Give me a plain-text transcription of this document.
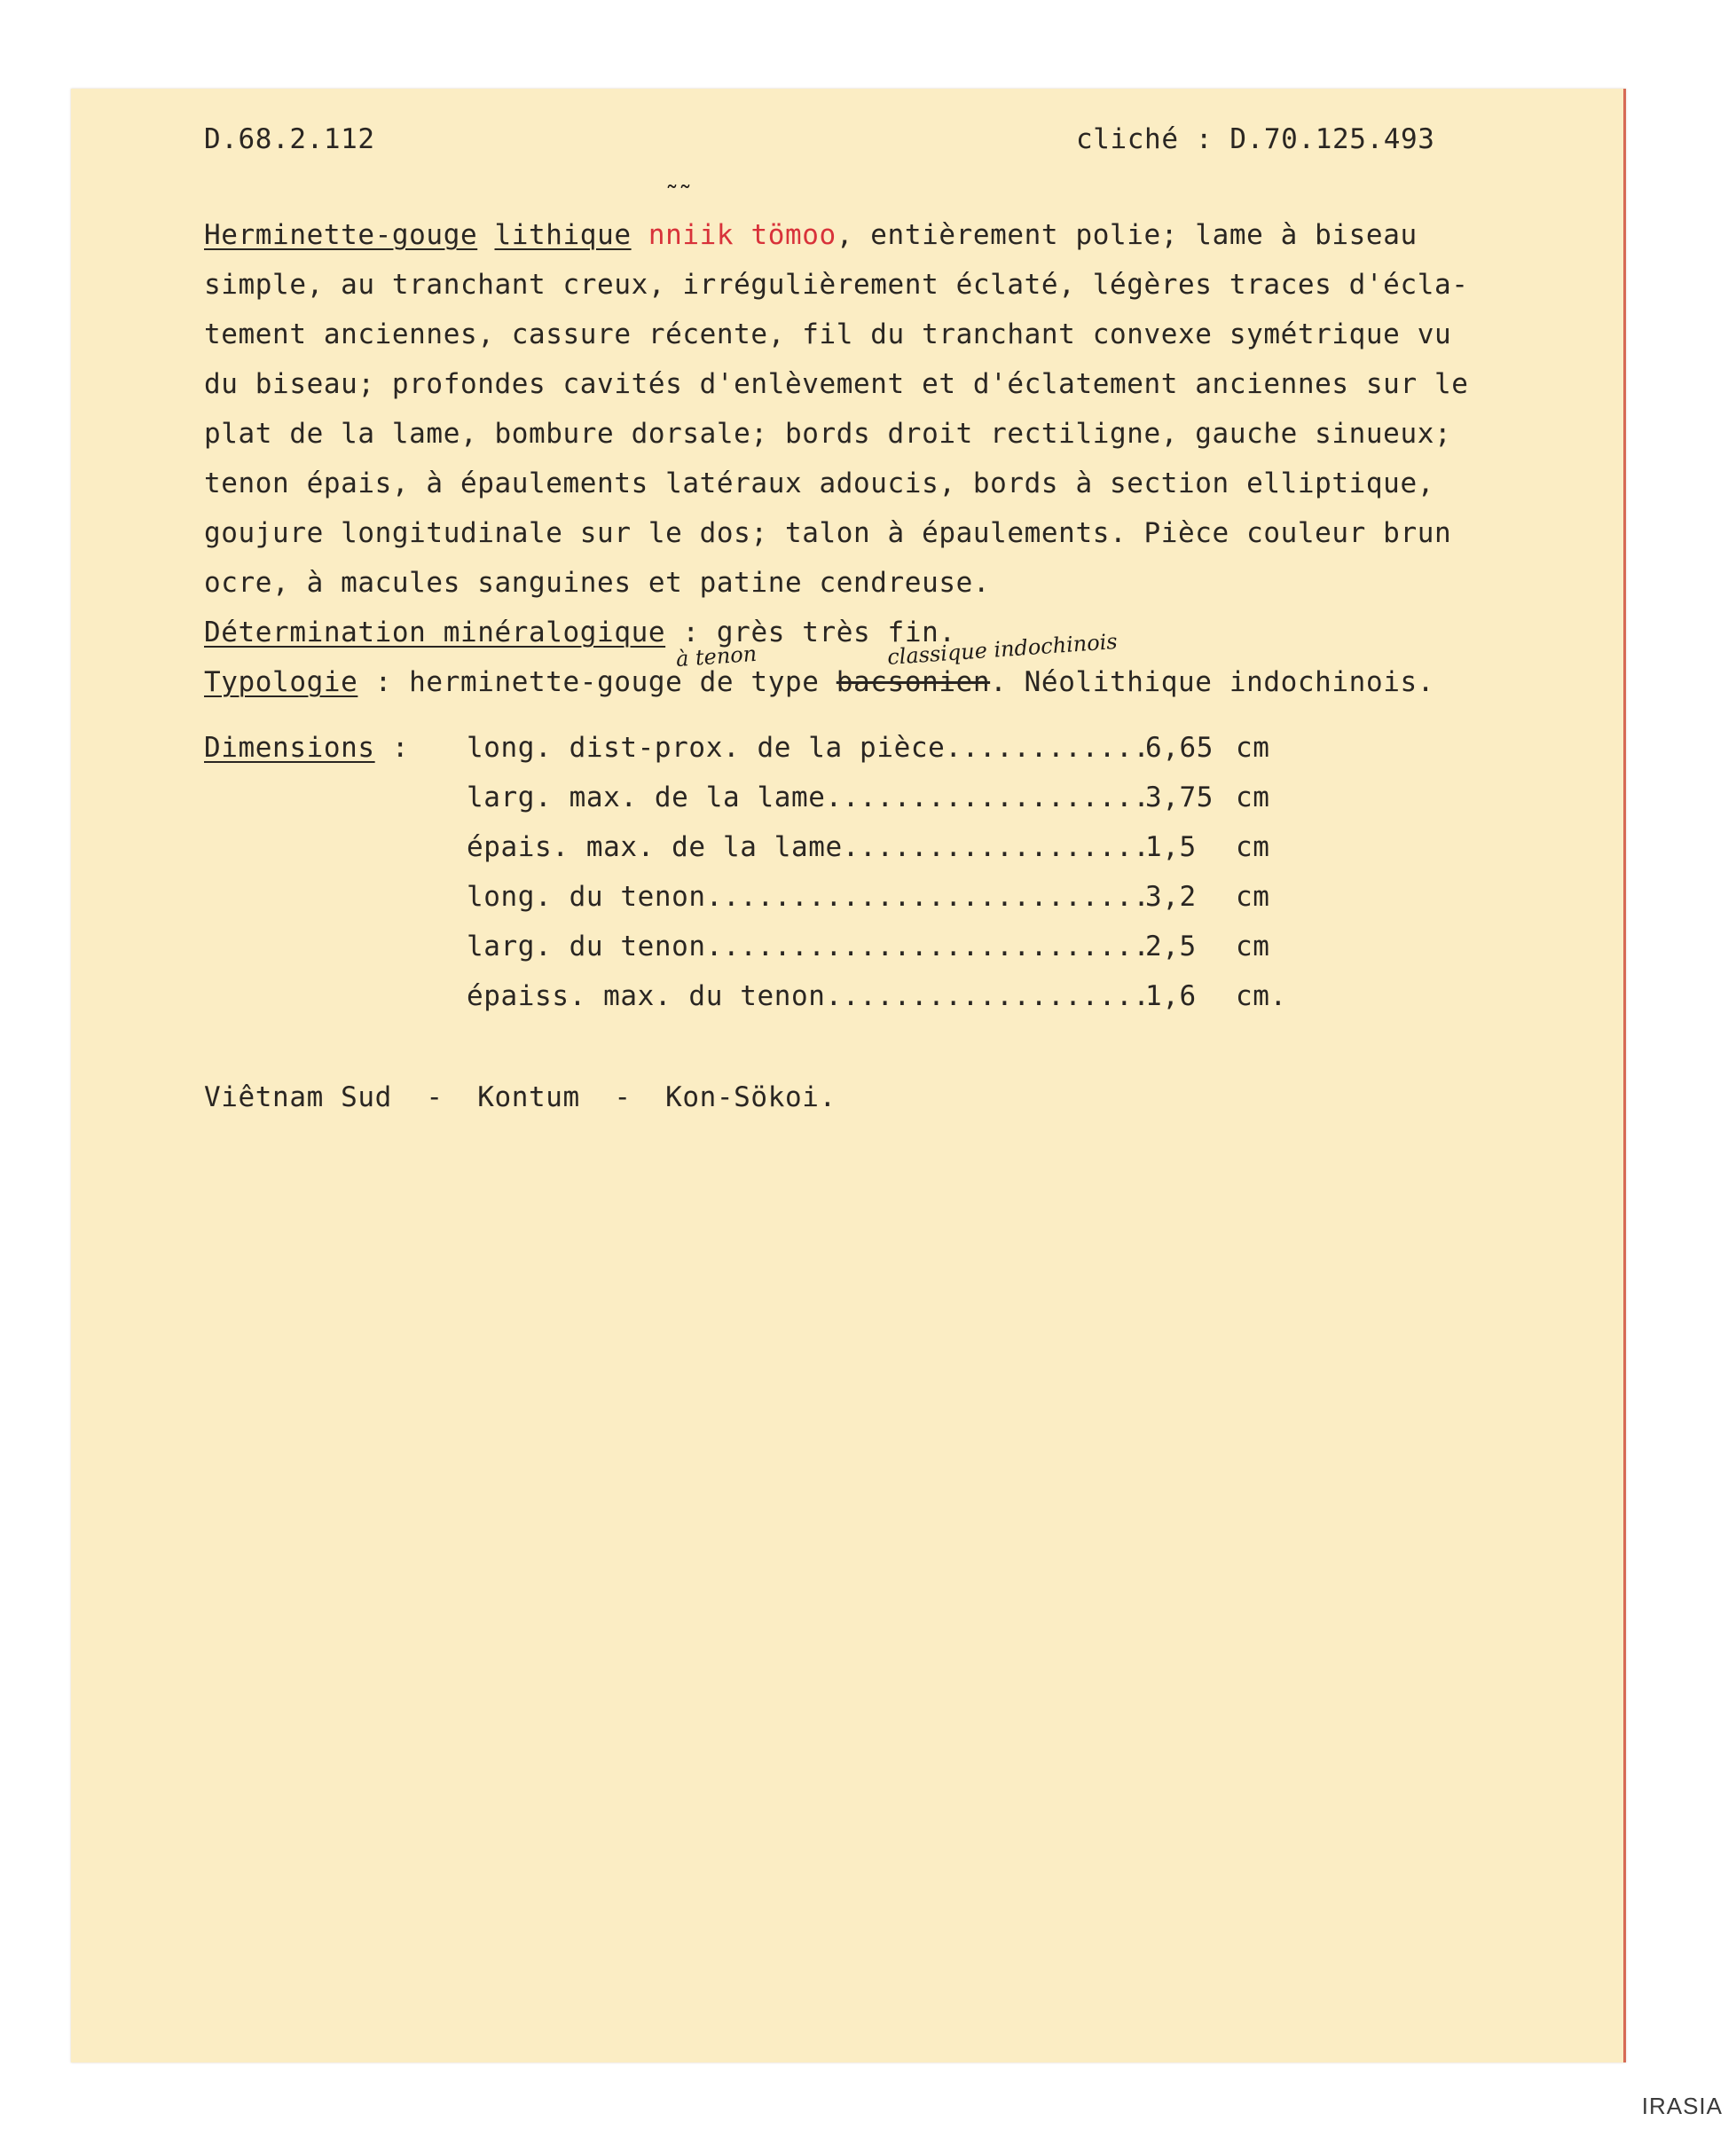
D.68.2.112	cliché : D.70.125.493
˜˜
Herminette-gouge lithique nniik tömoo, entièrement polie; lame à biseau
simple, au tranchant creux, irrégulièrement éclaté, légères traces d'écla-
tement anciennes, cassure récente, fil du tranchant convexe symétrique vu
du biseau; profondes cavités d'enlèvement et d'éclatement anciennes sur le
plat de la lame, bombure dorsale; bords droit rectiligne, gauche sinueux;
tenon épais, à épaulements latéraux adoucis, bords à section elliptique,
goujure longitudinale sur le dos; talon à épaulements. Pièce couleur brun
ocre, à macules sanguines et patine cendreuse.
Détermination minéralogique : grès très fin.
à tenon	classique indochinois
Typologie : herminette-gouge de type bacsonien. Néolithique indochinois.
Dimensions : long. dist-prox. de la pièce............
6,65 cm
larg. max. de la lame...................
3,75 cm
épais. max. de la lame..................
1,5 cm
long. du tenon..........................
3,2 cm
larg. du tenon..........................
2,5 cm
épaiss. max. du tenon...................
1,6 cm.
Viêtnam Sud  -  Kontum  -  Kon-Sökoi.
IRASIA
